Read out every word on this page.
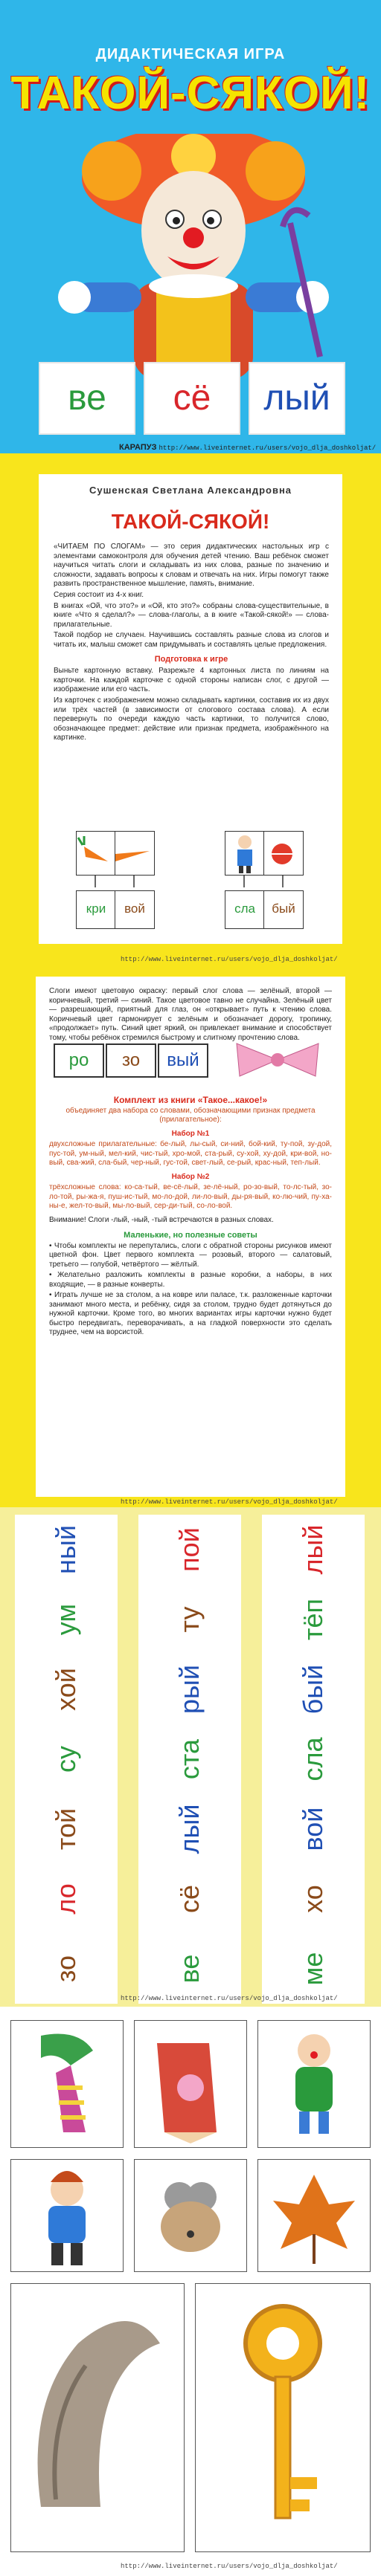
ДИДАКТИЧЕСКАЯ ИГРА
ТАКОЙ-СЯКОЙ!
ве	сё	лый
КАРАПУЗ http://www.liveinternet.ru/users/vojo_dlja_doshkoljat/
Сушенская Светлана Александровна
ТАКОЙ-СЯКОЙ!

«ЧИТАЕМ ПО СЛОГАМ» — это серия дидактических настольных игр с элементами самоконтроля для обучения детей чтению. Ваш ребёнок сможет научиться читать слоги и складывать из них слова, разные по значению и сложности, задавать вопросы к словам и отвечать на них. Игры помогут также развить пространственное мышление, память, внимание.

Серия состоит из 4-х книг.

В книгах «Ой, что это?» и «Ой, кто это?» собраны слова-существительные, в книге «Что я сделал?» — слова-глаголы, а в книге «Такой-сякой!» — слова-прилагательные.

Такой подбор не случаен. Научившись составлять разные слова из слогов и читать их, малыш сможет сам придумывать и составлять целые предложения.

Подготовка к игре

Выньте картонную вставку. Разрежьте 4 картонных листа по линиям на карточки. На каждой карточке с одной стороны написан слог, с другой — изображение или его часть.

Из карточек с изображением можно складывать картинки, составив их из двух или трёх частей (в зависимости от слогового состава слова). А если перевернуть по очереди каждую часть картинки, то получится слово, обозначающее предмет: действие или признак предмета, изображённого на картинке.

кри	вой	сла	бый
http://www.liveinternet.ru/users/vojo_dlja_doshkoljat/

Слоги имеют цветовую окраску: первый слог слова — зелёный, второй — коричневый, третий — синий. Такое цветовое тавно не случайна. Зелёный цвет — разрешающий, приятный для глаз, он «открывает» путь к чтению слова. Коричневый цвет гармонирует с зелёным и обозначает дорогу, тропинку, «продолжает» путь. Синий цвет яркий, он привлекает внимание и способствует тому, чтобы ребёнок стремился быстрому и слитному прочтению слова.

ро	зо	вый

Комплект из книги «Такое...какое!»

объединяет два набора со словами, обозначающими признак предмета (прилагательное):

Набор №1

двухсложные прилагательные: бе-лый, лы-сый, си-ний, бой-кий, ту-пой, зу-дой, пус-той, ум-ный, мел-кий, чис-тый, хро-мой, ста-рый, су-хой, ху-дой, кри-вой, но-вый, сва-жий, сла-бый, чер-ный, гус-той, свет-лый, се-рый, крас-ный, теп-лый.

Набор №2

трёхсложные слова: ко-са-тый, ве-сё-лый, зе-лё-ный, ро-зо-вый, то-лс-тый, зо-ло-той, ры-жа-я, пуш-ис-тый, мо-ло-дой, ли-ло-вый, ды-ря-вый, ко-лю-чий, пу-ха-ны-е, жел-то-вый, мы-ло-вый, сер-ди-тый, со-ло-вой.

Внимание! Слоги -лый, -ный, -тый встречаются в разных словах.

Маленькие, но полезные советы

• Чтобы комплекты не перепутались, слоги с обратной стороны рисунков имеют цветной фон. Цвет первого комплекта — розовый, второго — салатовый, третьего — голубой, четвёртого — жёлтый.

• Желательно разложить комплекты в разные коробки, а наборы, в них входящие, — в разные конверты.

• Играть лучше не за столом, а на ковре или паласе, т.к. разложенные карточки занимают много места, и ребёнку, сидя за столом, трудно будет дотянуться до нужной карточки. Кроме того, во многих вариантах игры карточки нужно будет быстро передвигать, переворачивать, а на гладкой поверхности это сделать труднее, чем на ворсистой.

http://www.liveinternet.ru/users/vojo_dlja_doshkoljat/
ный
ум
хой
су
той
ло
зо
пой
ту
рый
ста
лый
сё
ве
лый
тёп
бый
сла
вой
хо
ме
http://www.liveinternet.ru/users/vojo_dlja_doshkoljat/
http://www.liveinternet.ru/users/vojo_dlja_doshkoljat/
